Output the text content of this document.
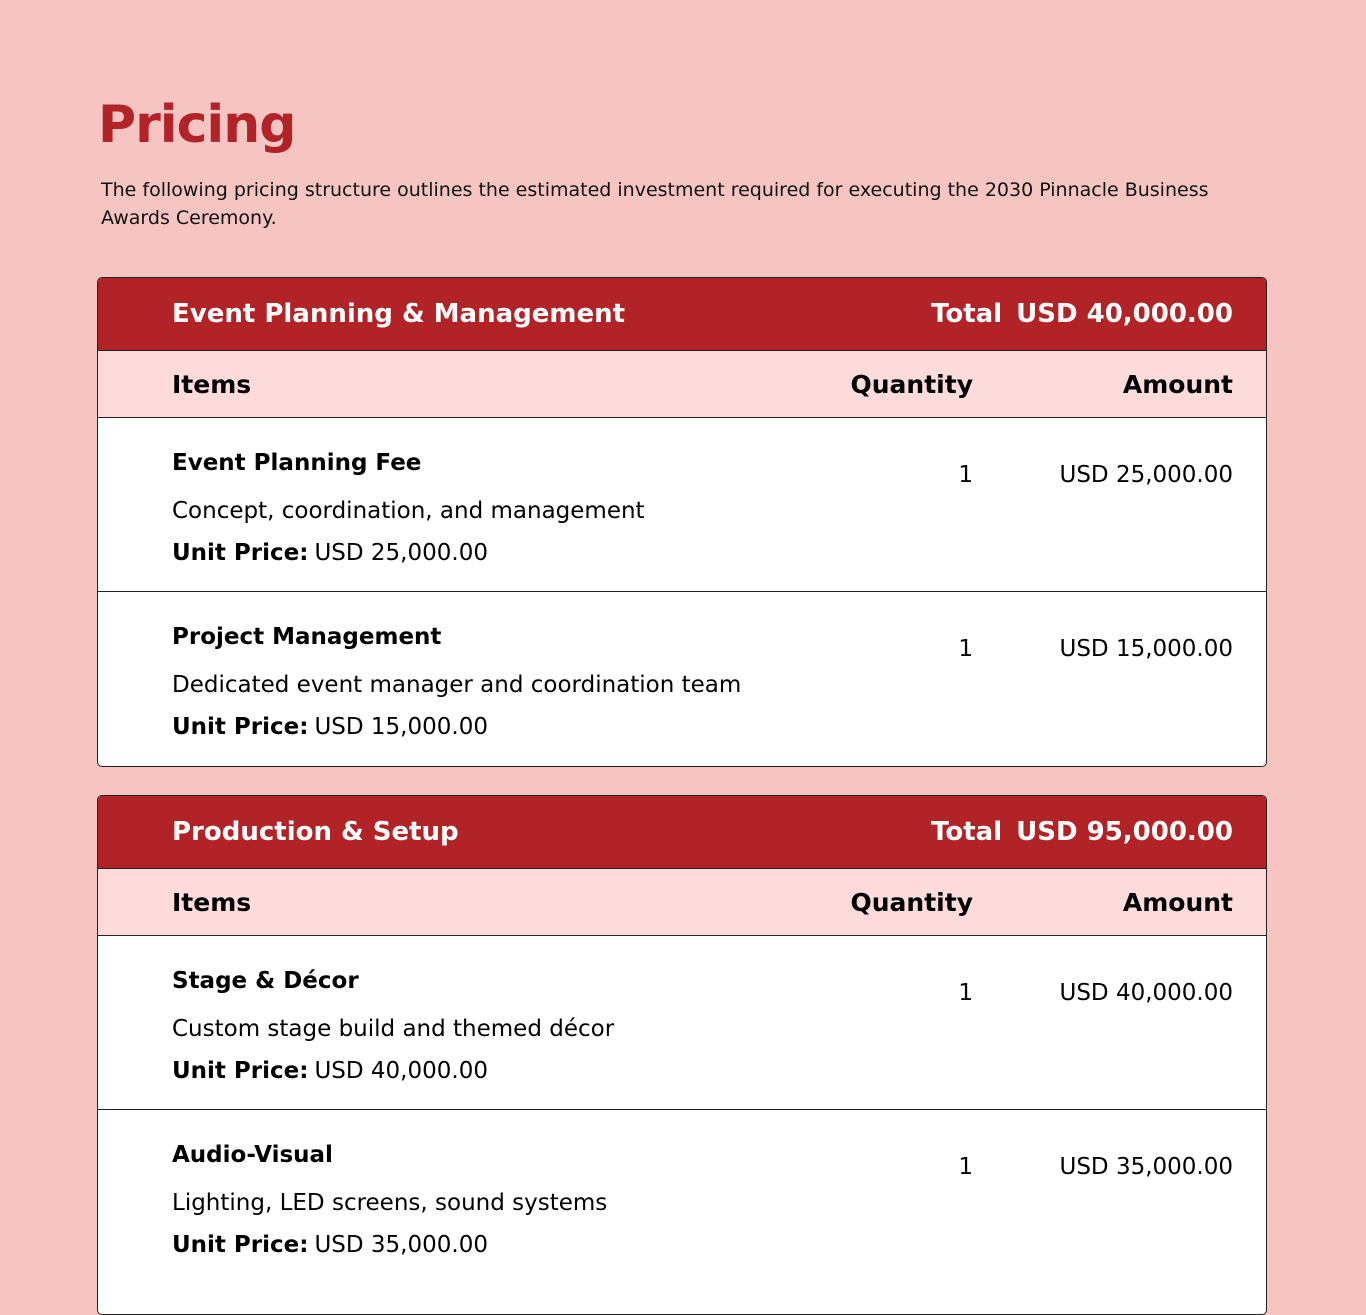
Pricing

The following pricing structure outlines the estimated investment required for executing the 2030 Pinnacle Business Awards Ceremony.

Event Planning & Management	Total USD 40,000.00
Items	Quantity	Amount
Event Planning Fee
Concept, coordination, and management
Unit Price: USD 25,000.00
1	USD 25,000.00
Project Management
Dedicated event manager and coordination team
Unit Price: USD 15,000.00
1	USD 15,000.00
Production & Setup	Total USD 95,000.00
Items	Quantity	Amount
Stage & Décor
Custom stage build and themed décor
Unit Price: USD 40,000.00
1	USD 40,000.00
Audio-Visual
Lighting, LED screens, sound systems
Unit Price: USD 35,000.00
1	USD 35,000.00
